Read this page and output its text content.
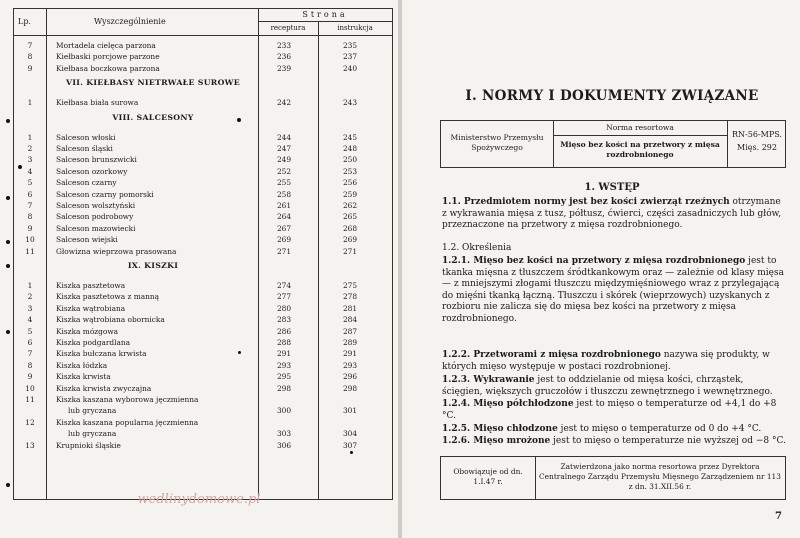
Lp.	Wyszczególnienie
Strona
receptura	instrukcja
7	Mortadela cielęca parzona	233	235
8	Kiełbaski porcjowe parzone	236	237
9	Kiełbasa boczkowa parzona	239	240
VII. KIEŁBASY NIETRWAŁE SUROWE
1	Kiełbasa biała surowa	242	243
VIII. SALCESONY
1	Salceson włoski	244	245
2	Salceson śląski	247	248
3	Salceson brunszwicki	249	250
4	Salceson ozorkowy	252	253
5	Salceson czarny	255	256
6	Salceson czarny pomorski	258	259
7	Salceson wolsztyński	261	262
8	Salceson podrobowy	264	265
9	Salceson mazowiecki	267	268
10	Salceson wiejski	269	269
11	Głowizna wieprzowa prasowana	271	271
IX. KISZKI
1	Kiszka pasztetowa	274	275
2	Kiszka pasztetowa z manną	277	278
3	Kiszka wątrobiana	280	281
4	Kiszka wątrobiana obornicka	283	284
5	Kiszka mózgowa	286	287
6	Kiszka podgardlana	288	289
7	Kiszka bułczana krwista	291	291
8	Kiszka łódzka	293	293
9	Kiszka krwista	295	296
10	Kiszka krwista zwyczajna	298	298
11	Kiszka kaszana wyborowa jęczmienna
lub gryczana	300	301
12	Kiszka kaszana popularna jęczmienna
lub gryczana	303	304
13	Krupnioki śląskie	306	307
wedlinydomowe.pl
I. NORMY I DOKUMENTY ZWIĄZANE
Ministerstwo Przemysłu Spożywczego
Norma resortowa
Mięso bez kości na przetwory z mięsa rozdrobnionego
RN-56-MPS. Mięs. 292
1. WSTĘP
1.1. Przedmiotem normy jest bez kości zwierząt rzeźnych otrzymane z wykrawania mięsa z tusz, półtusz, ćwierci, części zasadniczych lub głów, przeznaczone na przetwory z mięsa rozdrobnionego.
1.2. Określenia
1.2.1. Mięso bez kości na przetwory z mięsa rozdrobnionego jest to tkanka mięsna z tłuszczem śródtkankowym oraz — zależnie od klasy mięsa — z mniejszymi złogami tłuszczu międzymięśniowego wraz z przylegającą do mięśni tkanką łączną. Tłuszczu i skórek (wieprzowych) uzyskanych z rozbioru nie zalicza się do mięsa bez kości na przetwory z mięsa rozdrobnionego.
1.2.2. Przetworami z mięsa rozdrobnionego nazywa się produkty, w których mięso występuje w postaci rozdrobnionej.
1.2.3. Wykrawanie jest to oddzielanie od mięsa kości, chrząstek, ścięgien, większych gruczołów i tłuszczu zewnętrznego i wewnętrznego.
1.2.4. Mięso półchłodzone jest to mięso o temperaturze od +4,1 do +8 °C.
1.2.5. Mięso chłodzone jest to mięso o temperaturze od 0 do +4 °C.
1.2.6. Mięso mrożone jest to mięso o temperaturze nie wyższej od −8 °C.
Obowiązuje od dn. 1.I.47 r.
Zatwierdzona jako norma resortowa przez Dyrektora Centralnego Zarządu Przemysłu Mięsnego Zarządzeniem nr 113 z dn. 31.XII.56 r.
7
